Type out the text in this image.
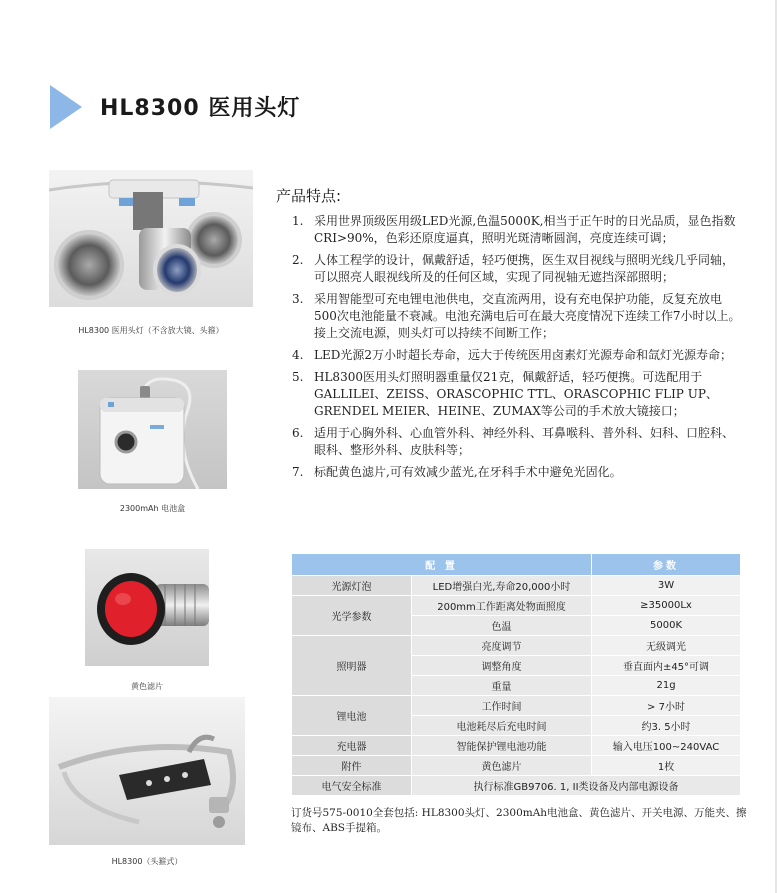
HL8300 医用头灯
HL8300 医用头灯（不含放大镜、头箍）
2300mAh 电池盒
黄色滤片
HL8300（头箍式）
产品特点:
1. 采用世界顶级医用级LED光源,色温5000K,相当于正午时的日光品质，显色指数CRI>90%，色彩还原度逼真，照明光斑清晰圆润，亮度连续可调；
2. 人体工程学的设计，佩戴舒适，轻巧便携，医生双目视线与照明光线几乎同轴，可以照亮人眼视线所及的任何区域，实现了同视轴无遮挡深部照明；
3. 采用智能型可充电锂电池供电，交直流两用，设有充电保护功能，反复充放电500次电池能量不衰减。电池充满电后可在最大亮度情况下连续工作7小时以上。接上交流电源，则头灯可以持续不间断工作；
4. LED光源2万小时超长寿命，远大于传统医用卤素灯光源寿命和氙灯光源寿命；
5. HL8300医用头灯照明器重量仅21克，佩戴舒适，轻巧便携。可选配用于GALLILEI、ZEISS、ORASCOPHIC TTL、ORASCOPHIC FLIP UP、GRENDEL MEIER、HEINE、ZUMAX等公司的手术放大镜接口；
6. 适用于心胸外科、心血管外科、神经外科、耳鼻喉科、普外科、妇科、口腔科、眼科、整形外科、皮肤科等；
7. 标配黄色滤片,可有效减少蓝光,在牙科手术中避免光固化。
配 置		参数
光源灯泡	LED增强白光,寿命20,000小时	3W
光学参数	200mm工作距离处物面照度	≥35000Lx
	色温	5000K
照明器	亮度调节	无级调光
	调整角度	垂直面内±45°可调
	重量	21g
锂电池	工作时间	> 7小时
	电池耗尽后充电时间	约3. 5小时
充电器	智能保护锂电池功能	输入电压100~240VAC
附件	黄色滤片	1枚
电气安全标准	执行标准GB9706. 1, II类设备及内部电源设备	
订货号575-0010全套包括: HL8300头灯、2300mAh电池盒、黄色滤片、开关电源、万能夹、擦镜布、ABS手提箱。
